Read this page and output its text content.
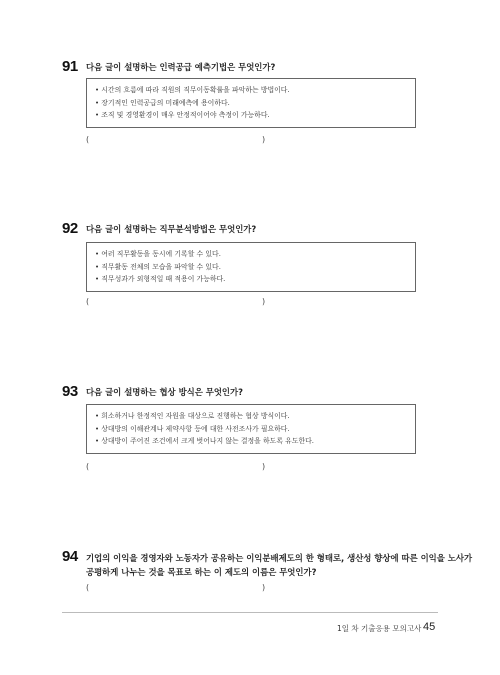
91 다음 글이 설명하는 인력공급 예측기법은 무엇인가?
• 시간의 흐름에 따라 직원의 직무이동확률을 파악하는 방법이다.
• 장기적인 인력공급의 미래예측에 용이하다.
• 조직 및 경영환경이 매우 안정적이어야 측정이 가능하다.
(	)
92 다음 글이 설명하는 직무분석방법은 무엇인가?
• 여러 직무활동을 동시에 기록할 수 있다.
• 직무활동 전체의 모습을 파악할 수 있다.
• 직무성과가 외형적일 때 적용이 가능하다.
(	)
93 다음 글이 설명하는 협상 방식은 무엇인가?
• 희소하거나 한정적인 자원을 대상으로 진행하는 협상 방식이다.
• 상대방의 이해관계나 제약사항 등에 대한 사전조사가 필요하다.
• 상대방이 주어진 조건에서 크게 벗어나지 않는 결정을 하도록 유도한다.
(	)
94 기업의 이익을 경영자와 노동자가 공유하는 이익분배제도의 한 형태로, 생산성 향상에 따른 이익을 노사가
공평하게 나누는 것을 목표로 하는 이 제도의 이름은 무엇인가?
(	)
1일 차 기출응용 모의고사 45
